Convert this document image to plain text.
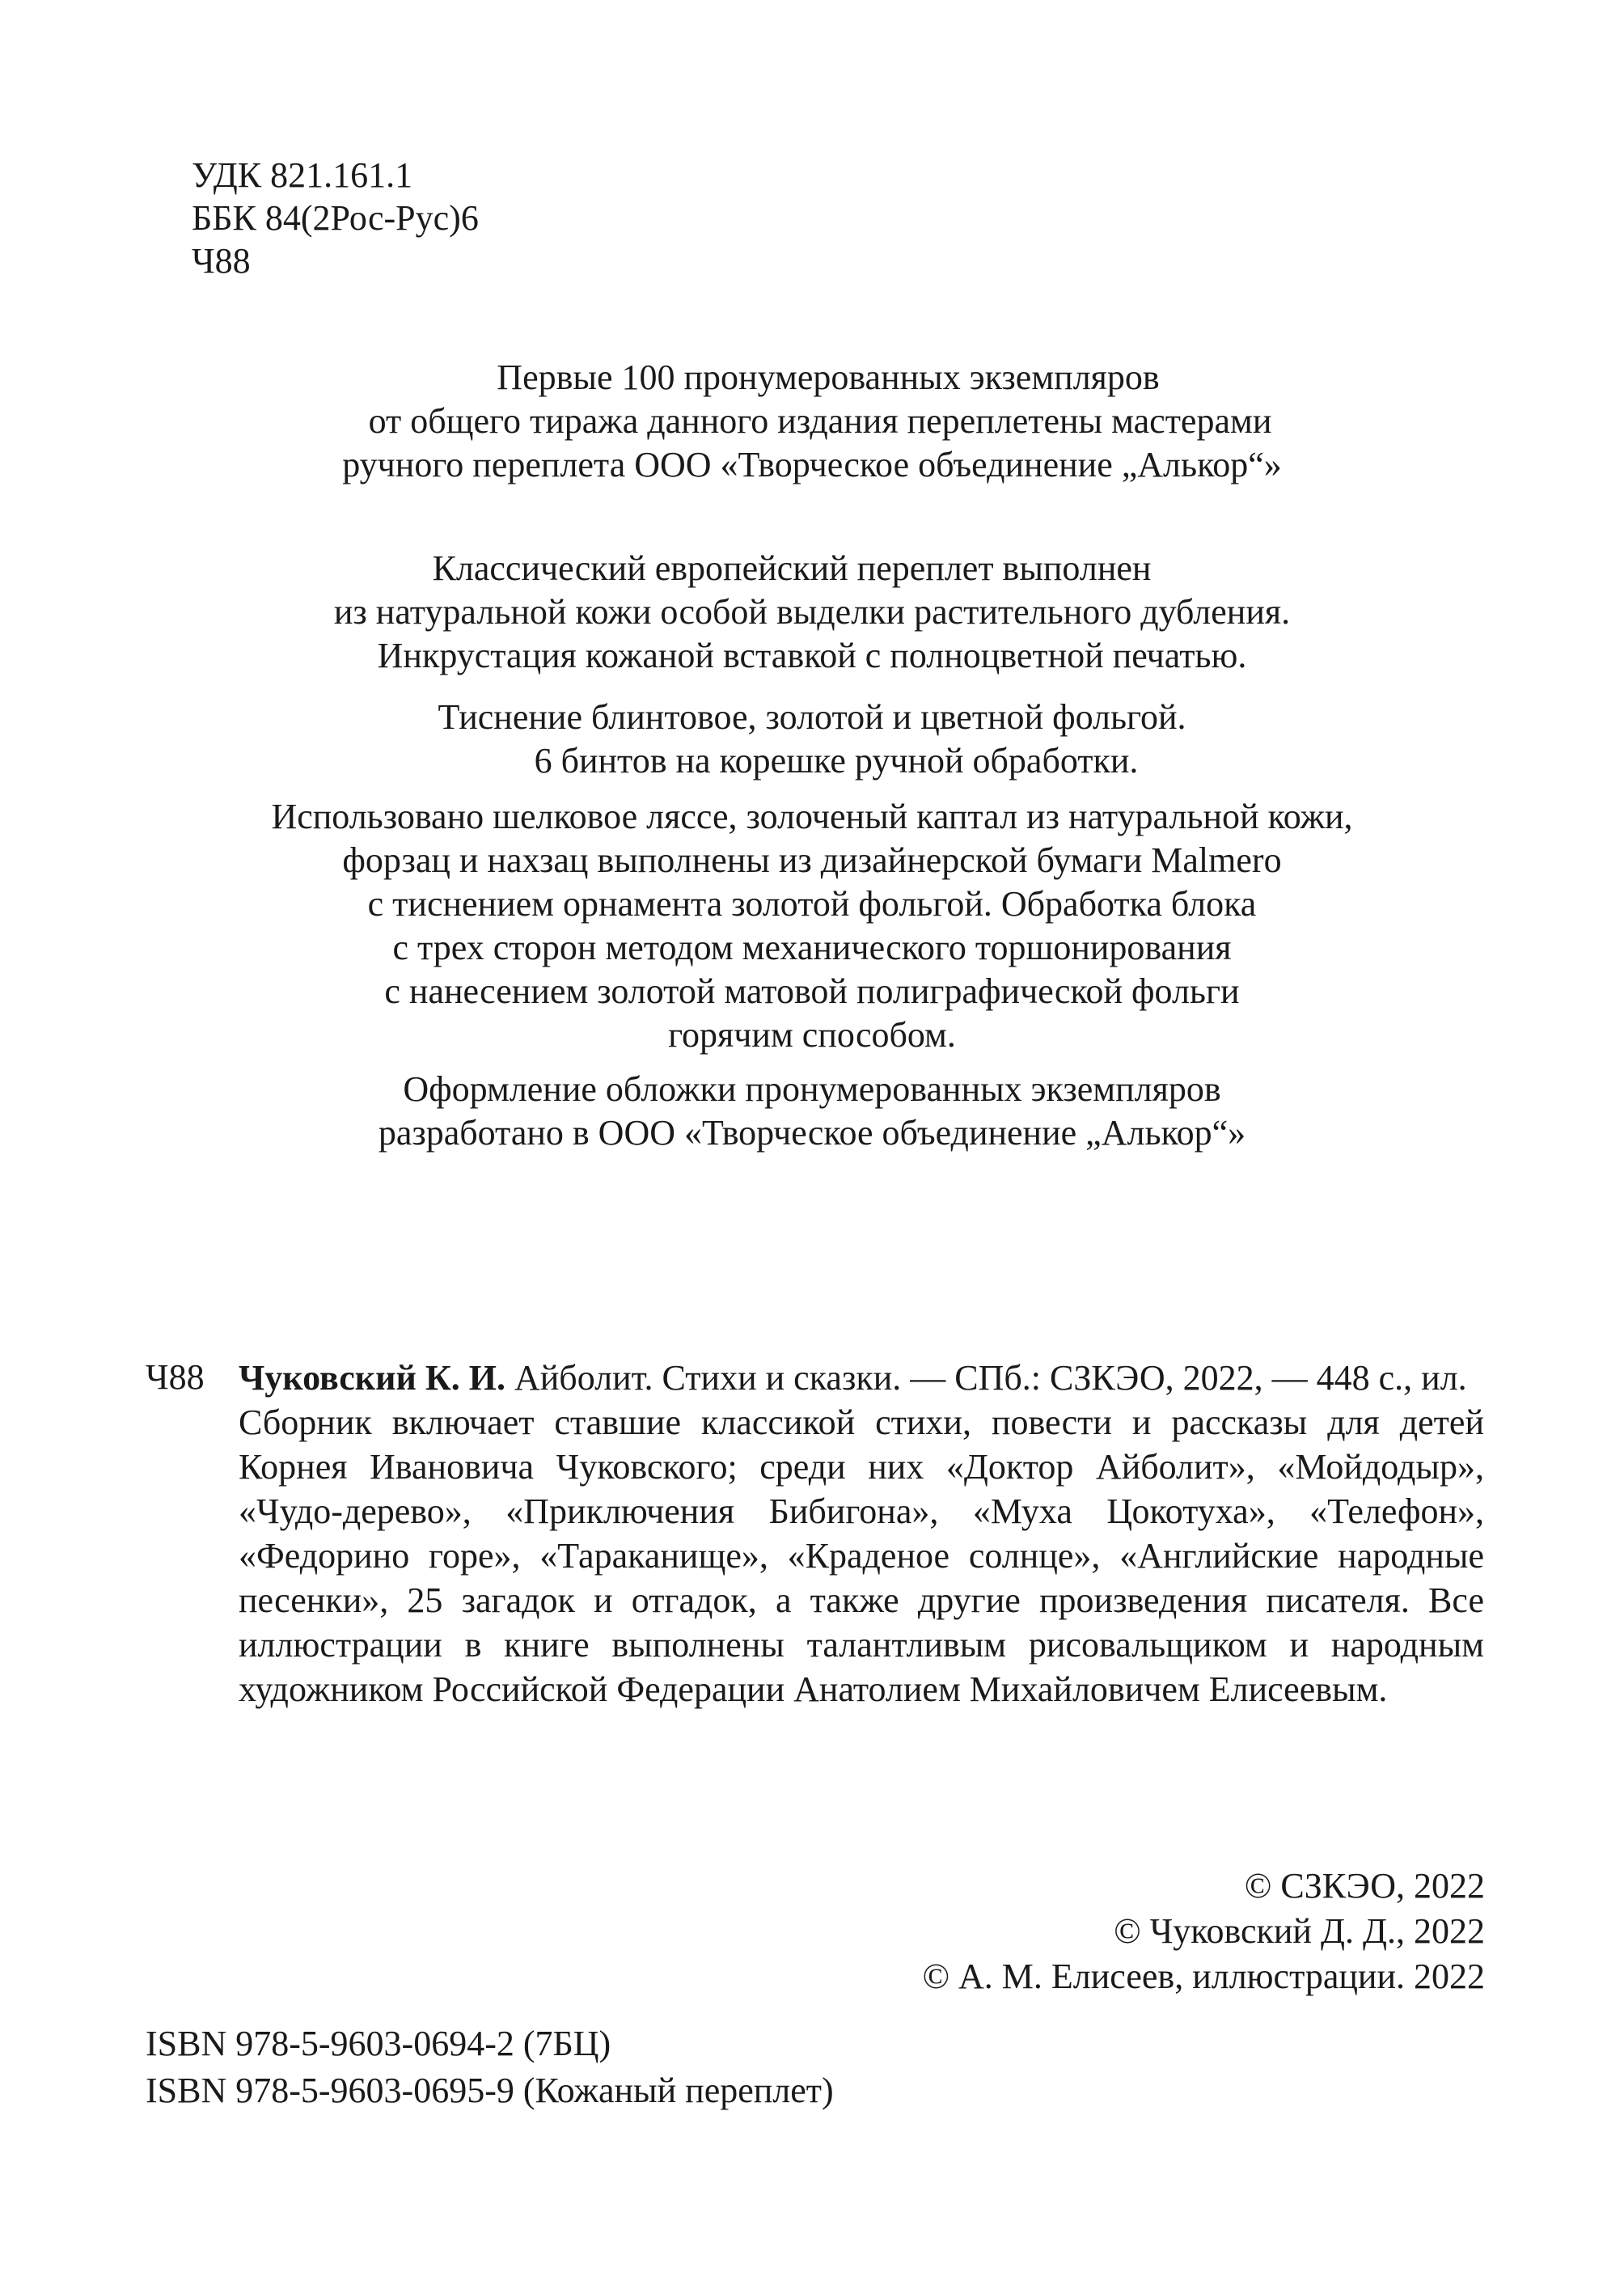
УДК 821.161.1
ББК 84(2Рос-Рус)6
Ч88
Первые 100 пронумерованных экземпляров
от общего тиража данного издания переплетены мастерами
ручного переплета ООО «Творческое объединение „Алькор“»
Классический европейский переплет выполнен
из натуральной кожи особой выделки растительного дубления.
Инкрустация кожаной вставкой с полноцветной печатью.
Тиснение блинтовое, золотой и цветной фольгой.
6 бинтов на корешке ручной обработки.
Использовано шелковое ляссе, золоченый каптал из натуральной кожи,
форзац и нахзац выполнены из дизайнерской бумаги Malmero
с тиснением орнамента золотой фольгой. Обработка блока
с трех сторон методом механического торшонирования
с нанесением золотой матовой полиграфической фольги
горячим способом.
Оформление обложки пронумерованных экземпляров
разработано в ООО «Творческое объединение „Алькор“»
Ч88 Чуковский К. И. Айболит. Стихи и сказки. — СПб.: СЗКЭО, 2022, — 448 с., ил.
Сборник включает ставшие классикой стихи, повести и рассказы для детей Корнея Ивановича Чуковского; среди них «Доктор Айболит», «Мойдодыр», «Чудо-дерево», «Приключения Бибигона», «Муха Цокотуха», «Телефон», «Федорино горе», «Тараканище», «Краденое солнце», «Английские народные песенки», 25 загадок и отгадок, а также другие произведения писателя. Все иллюстрации в книге выполнены талантливым рисовальщиком и народным художником Российской Федерации Анатолием Михайловичем Елисеевым.
© СЗКЭО, 2022
© Чуковский Д. Д., 2022
© А. М. Елисеев, иллюстрации. 2022
ISBN 978-5-9603-0694-2 (7БЦ)
ISBN 978-5-9603-0695-9 (Кожаный переплет)
